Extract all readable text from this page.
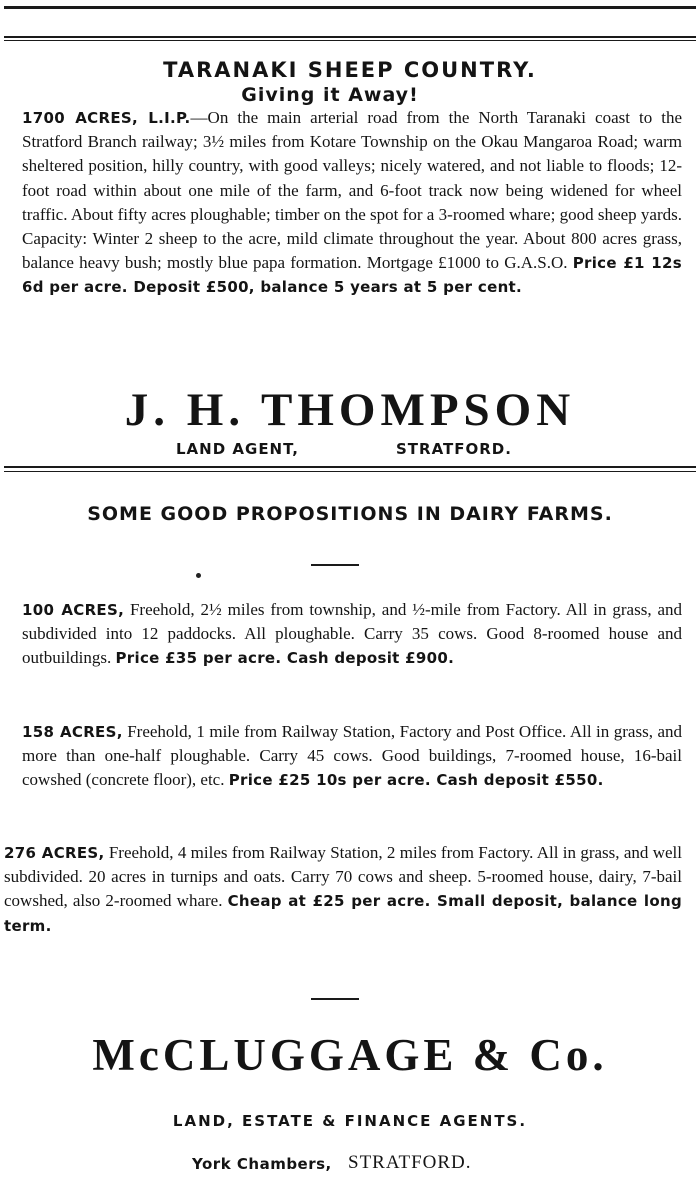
TARANAKI SHEEP COUNTRY.
Giving it Away!

1700 ACRES, L.I.P.—On the main arterial road from the North Taranaki coast to the Stratford Branch railway; 3½ miles from Kotare Township on the Okau Mangaroa Road; warm sheltered position, hilly country, with good valleys; nicely watered, and not liable to floods; 12-foot road within about one mile of the farm, and 6-foot track now being widened for wheel traffic. About fifty acres ploughable; timber on the spot for a 3-roomed whare; good sheep yards. Capacity: Winter 2 sheep to the acre, mild climate throughout the year. About 800 acres grass, balance heavy bush; mostly blue papa formation. Mortgage £1000 to G.A.S.O. Price £1 12s 6d per acre. Deposit £500, balance 5 years at 5 per cent.

J. H. THOMPSON
LAND AGENT,	STRATFORD.
SOME GOOD PROPOSITIONS IN DAIRY FARMS.

100 ACRES, Freehold, 2½ miles from township, and ½-mile from Factory. All in grass, and subdivided into 12 paddocks. All ploughable. Carry 35 cows. Good 8-roomed house and outbuildings. Price £35 per acre. Cash deposit £900.

158 ACRES, Freehold, 1 mile from Railway Station, Factory and Post Office. All in grass, and more than one-half ploughable. Carry 45 cows. Good buildings, 7-roomed house, 16-bail cowshed (concrete floor), etc. Price £25 10s per acre. Cash deposit £550.

276 ACRES, Freehold, 4 miles from Railway Station, 2 miles from Factory. All in grass, and well subdivided. 20 acres in turnips and oats. Carry 70 cows and sheep. 5-roomed house, dairy, 7-bail cowshed, also 2-roomed whare. Cheap at £25 per acre. Small deposit, balance long term.

McCLUGGAGE & Co.
LAND, ESTATE & FINANCE AGENTS.
York Chambers, STRATFORD.
